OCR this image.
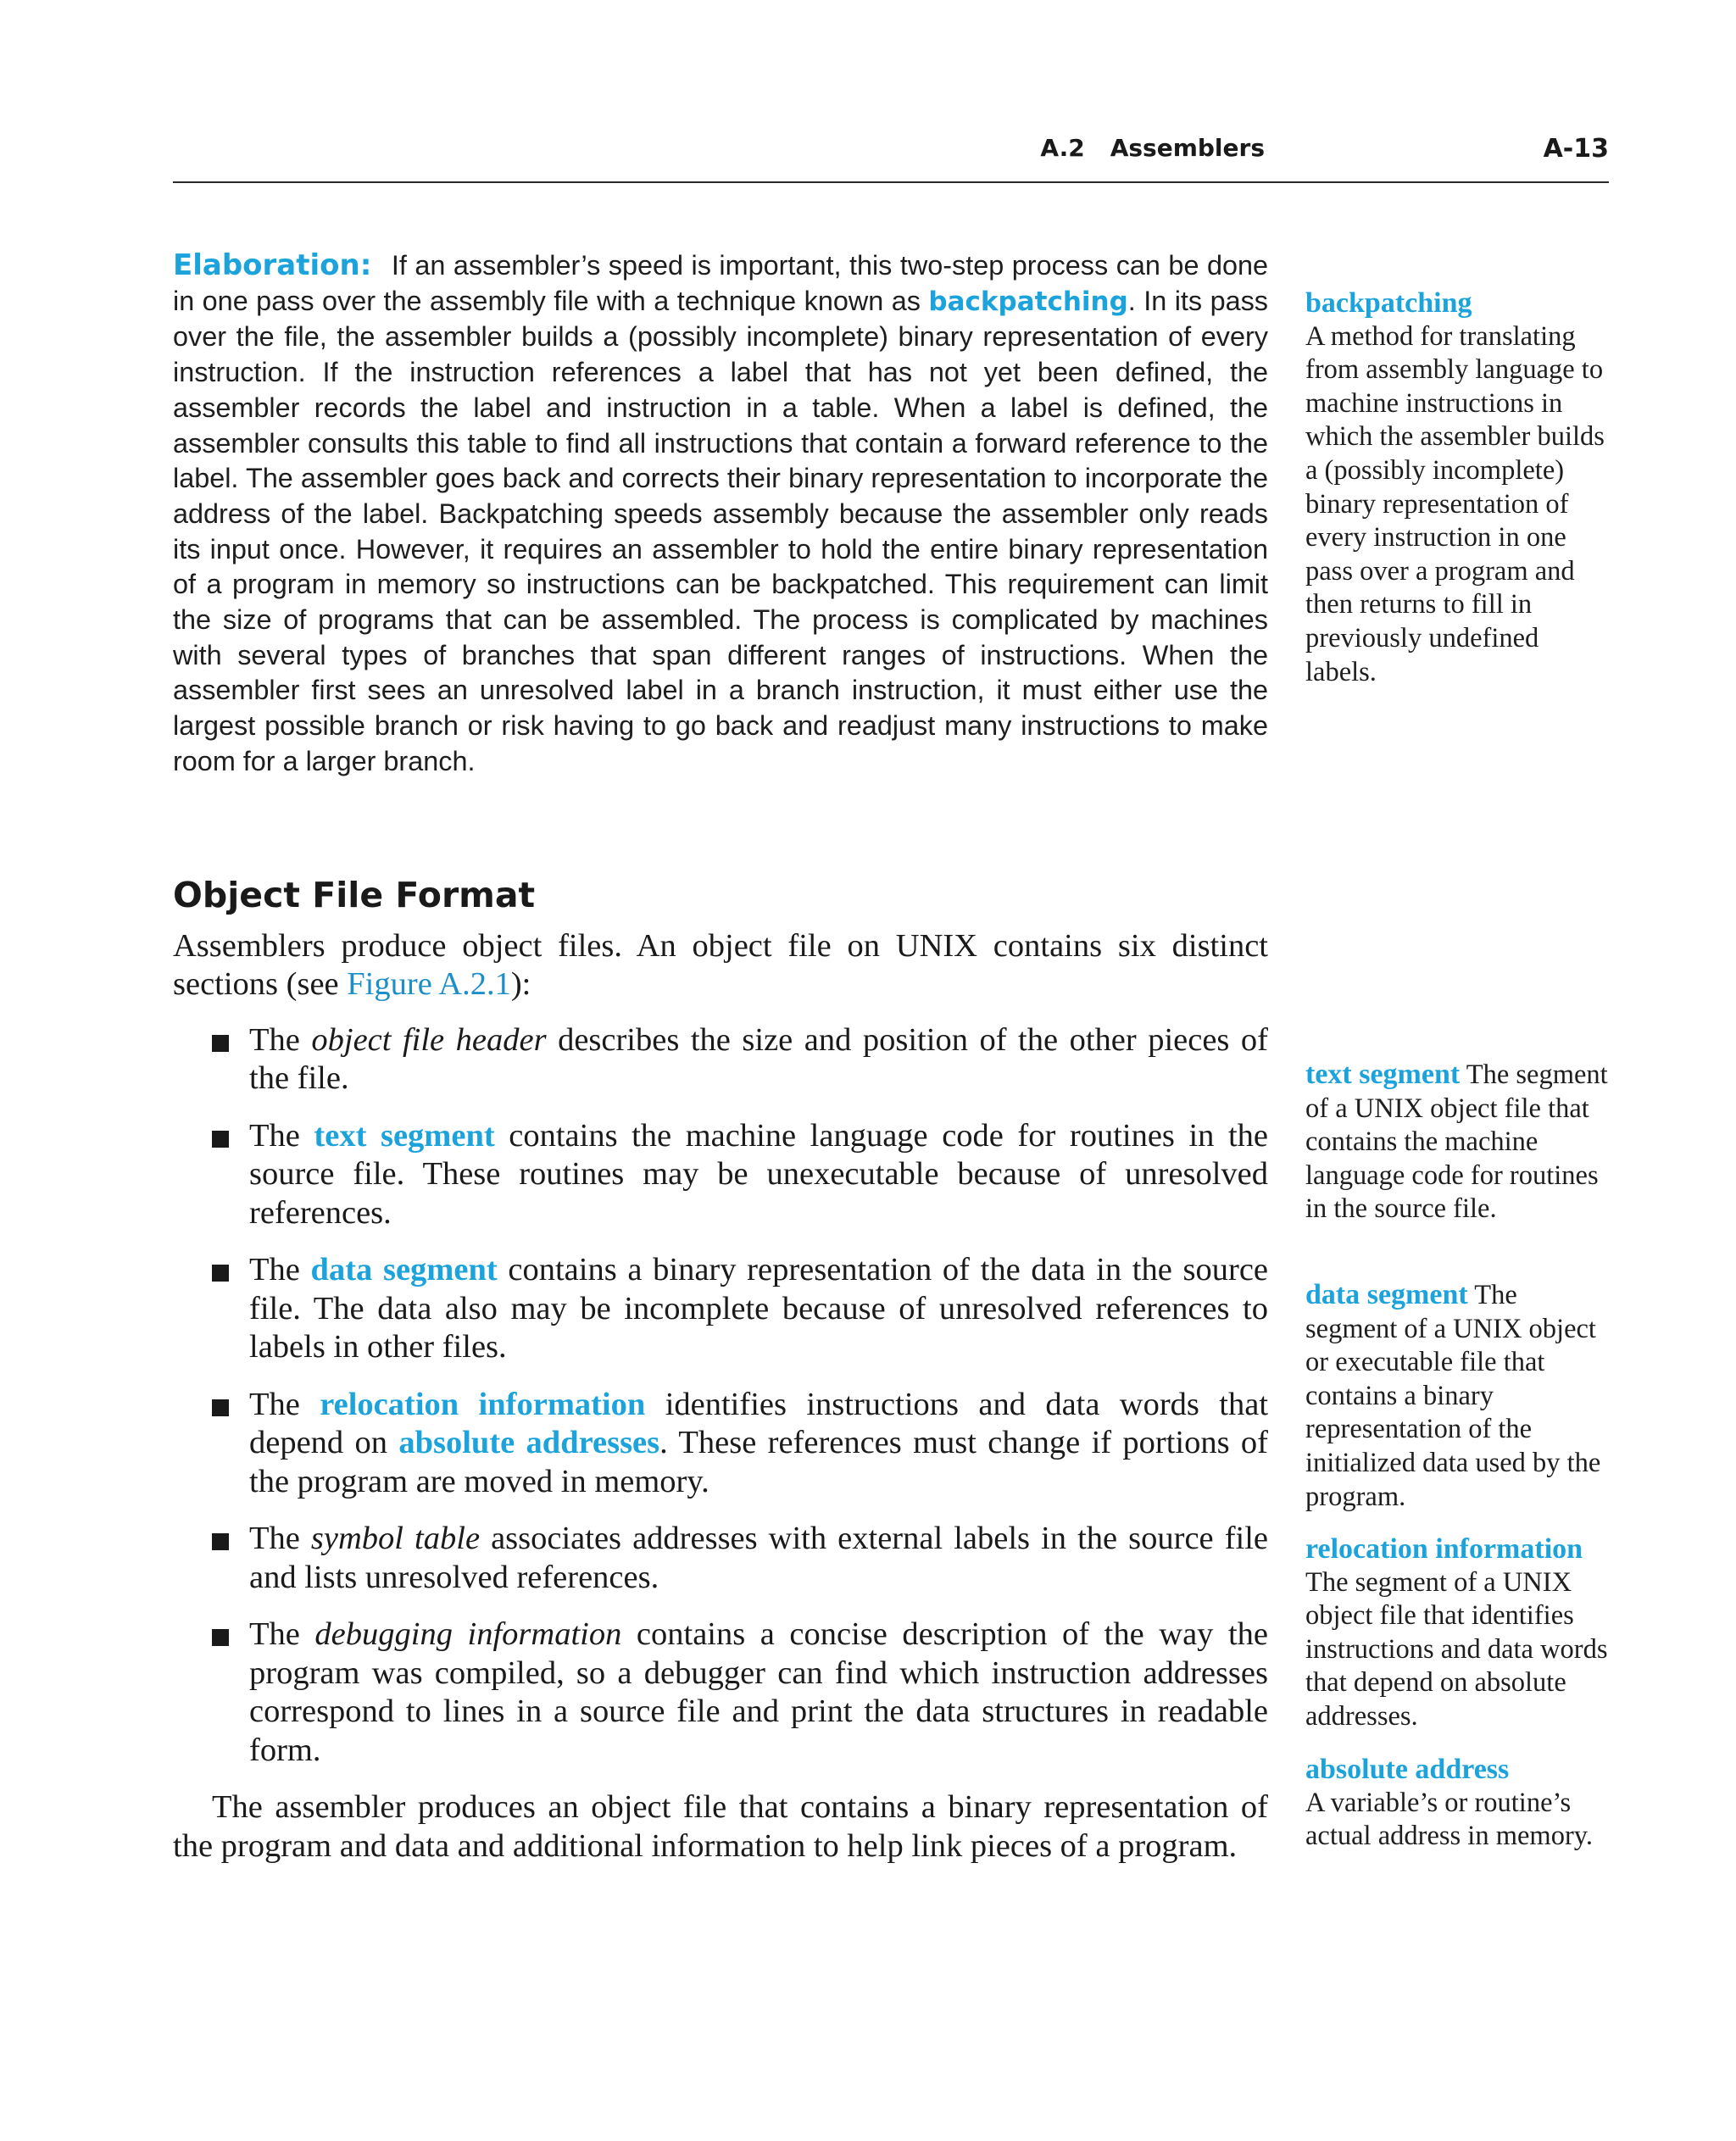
A.2 Assemblers	A-13

Elaboration: If an assembler’s speed is important, this two-step process can be done in one pass over the assembly file with a technique known as backpatching. In its pass over the file, the assembler builds a (possibly incomplete) binary representation of every instruction. If the instruction references a label that has not yet been defined, the assembler records the label and instruction in a table. When a label is defined, the assembler consults this table to find all instructions that contain a forward reference to the label. The assembler goes back and corrects their binary representation to incorporate the address of the label. Backpatching speeds assembly because the assembler only reads its input once. However, it requires an assembler to hold the entire binary representation of a program in memory so instructions can be backpatched. This requirement can limit the size of programs that can be assembled. The process is complicated by machines with several types of branches that span different ranges of instructions. When the assembler first sees an unresolved label in a branch instruction, it must either use the largest possible branch or risk having to go back and readjust many instructions to make room for a larger branch.

Object File Format

Assemblers produce object files. An object file on UNIX contains six distinct sections (see Figure A.2.1):

The object file header describes the size and position of the other pieces of the file.
The text segment contains the machine language code for routines in the source file. These routines may be unexecutable because of unresolved references.
The data segment contains a binary representation of the data in the source file. The data also may be incomplete because of unresolved references to labels in other files.
The relocation information identifies instructions and data words that depend on absolute addresses. These references must change if portions of the program are moved in memory.
The symbol table associates addresses with external labels in the source file and lists unresolved references.
The debugging information contains a concise description of the way the program was compiled, so a debugger can find which instruction addresses correspond to lines in a source file and print the data structures in readable form.

The assembler produces an object file that contains a binary representation of the program and data and additional information to help link pieces of a program.

backpatching
A method for translating from assembly language to machine instructions in which the assembler builds a (possibly incomplete) binary representation of every instruction in one pass over a program and then returns to fill in previously undefined labels.
text segment The segment of a UNIX object file that contains the machine language code for routines in the source file.
data segment The segment of a UNIX object or executable file that contains a binary representation of the initialized data used by the program.
relocation information
The segment of a UNIX object file that identifies instructions and data words that depend on absolute addresses.
absolute address
A variable’s or routine’s actual address in memory.
